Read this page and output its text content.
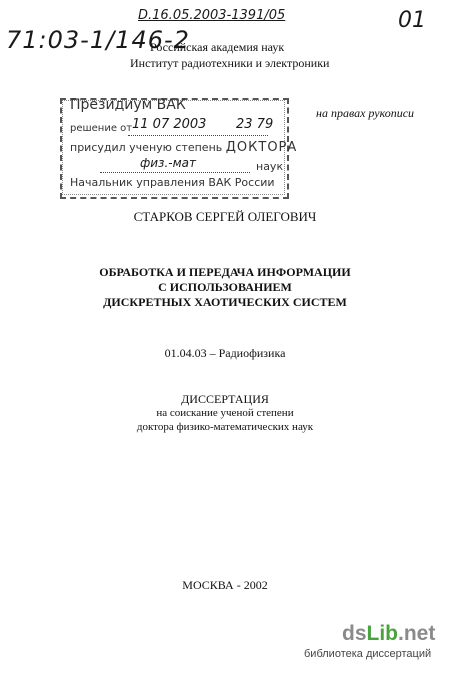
D.16.05.2003-1391/05
71:03-1/146-2
01
Российская академия наук
Институт радиотехники и электроники
Президиум ВАК
решение от 11 07 2003 23 79
присудил ученую степень ДОКТОРА
физ.-мат	наук
Начальник управления ВАК России
на правах рукописи
СТАРКОВ СЕРГЕЙ ОЛЕГОВИЧ
ОБРАБОТКА И ПЕРЕДАЧА ИНФОРМАЦИИ
С ИСПОЛЬЗОВАНИЕМ
ДИСКРЕТНЫХ ХАОТИЧЕСКИХ СИСТЕМ
01.04.03 – Радиофизика
ДИССЕРТАЦИЯ
на соискание ученой степени
доктора физико-математических наук
МОСКВА - 2002
dsLib.net
библиотека диссертаций
